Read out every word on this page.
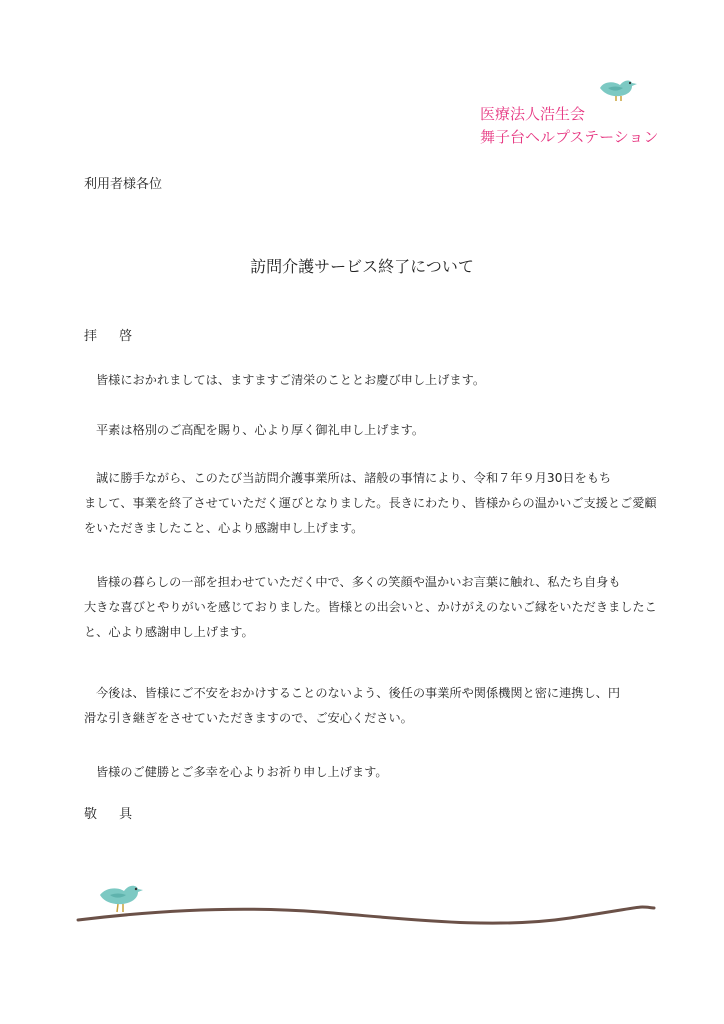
医療法人浩生会
舞子台ヘルプステーション
利用者様各位
訪問介護サービス終了について
拝 啓
皆様におかれましては、ますますご清栄のこととお慶び申し上げます。
平素は格別のご高配を賜り、心より厚く御礼申し上げます。
誠に勝手ながら、このたび当訪問介護事業所は、諸般の事情により、令和７年９月30日をもち
まして、事業を終了させていただく運びとなりました。長きにわたり、皆様からの温かいご支援とご愛顧
をいただきましたこと、心より感謝申し上げます。
皆様の暮らしの一部を担わせていただく中で、多くの笑顔や温かいお言葉に触れ、私たち自身も
大きな喜びとやりがいを感じておりました。皆様との出会いと、かけがえのないご縁をいただきましたこ
と、心より感謝申し上げます。
今後は、皆様にご不安をおかけすることのないよう、後任の事業所や関係機関と密に連携し、円
滑な引き継ぎをさせていただきますので、ご安心ください。
皆様のご健勝とご多幸を心よりお祈り申し上げます。
敬 具
